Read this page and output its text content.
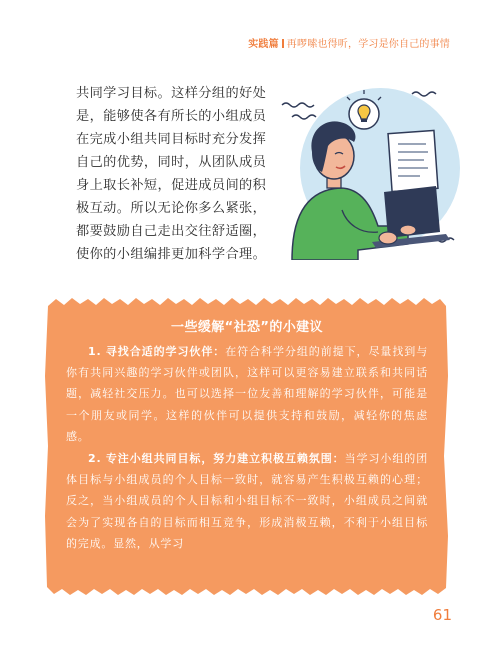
实践篇 再啰嗦也得听，学习是你自己的事情

共同学习目标。这样分组的好处是，能够使各有所长的小组成员在完成小组共同目标时充分发挥自己的优势，同时，从团队成员身上取长补短，促进成员间的积极互动。所以无论你多么紧张，都要鼓励自己走出交往舒适圈，使你的小组编排更加科学合理。

一些缓解“社恐”的小建议

1. 寻找合适的学习伙伴：在符合科学分组的前提下，尽量找到与你有共同兴趣的学习伙伴或团队，这样可以更容易建立联系和共同话题，减轻社交压力。也可以选择一位友善和理解的学习伙伴，可能是一个朋友或同学。这样的伙伴可以提供支持和鼓励，减轻你的焦虑感。

2. 专注小组共同目标，努力建立积极互赖氛围：当学习小组的团体目标与小组成员的个人目标一致时，就容易产生积极互赖的心理；反之，当小组成员的个人目标和小组目标不一致时，小组成员之间就会为了实现各自的目标而相互竞争，形成消极互赖，不利于小组目标的完成。显然，从学习

61
